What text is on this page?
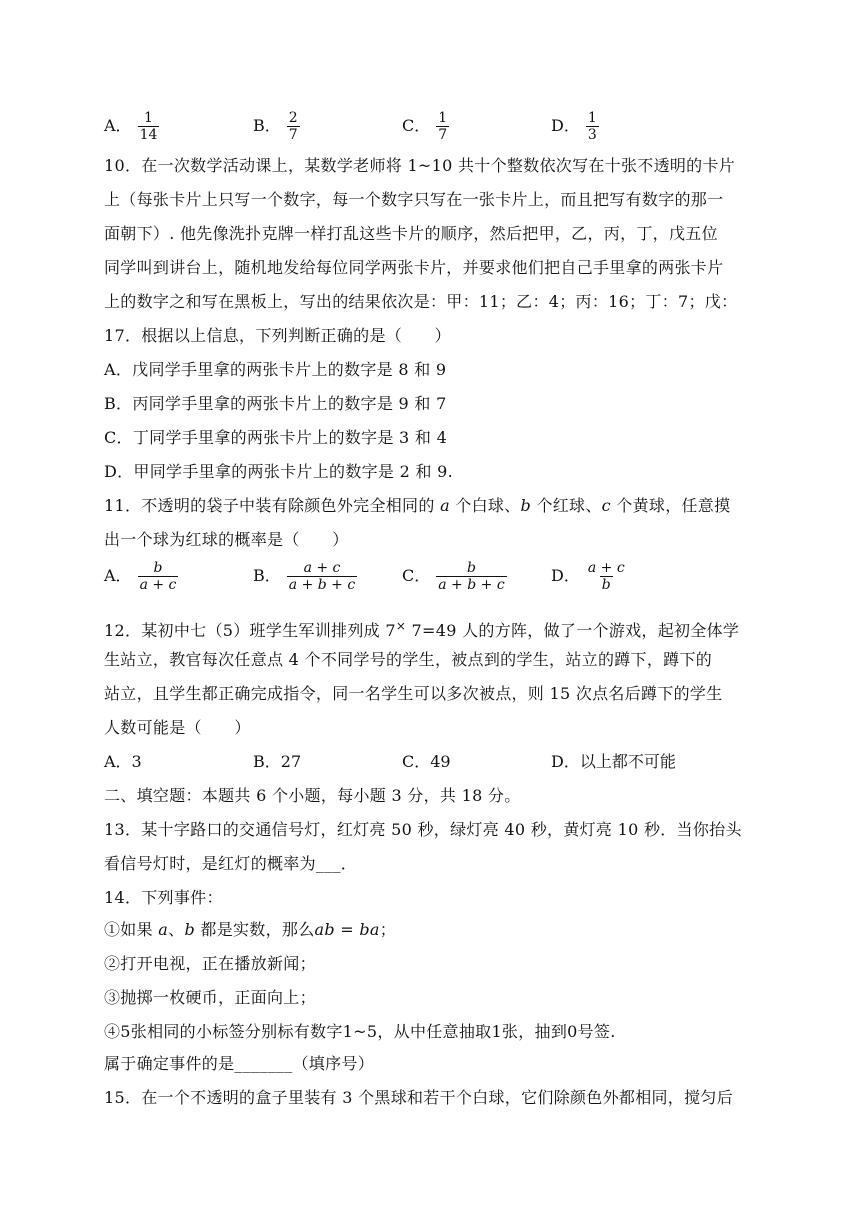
A． $\frac{1}{14}$	B． $\frac{2}{7}$	C． $\frac{1}{7}$	D． $\frac{1}{3}$
10．在一次数学活动课上，某数学老师将 1~10 共十个整数依次写在十张不透明的卡片
上（每张卡片上只写一个数字，每一个数字只写在一张卡片上，而且把写有数字的那一
面朝下）. 他先像洗扑克牌一样打乱这些卡片的顺序，然后把甲，乙，丙，丁，戊五位
同学叫到讲台上，随机地发给每位同学两张卡片，并要求他们把自己手里拿的两张卡片
上的数字之和写在黑板上，写出的结果依次是：甲：11；乙：4；丙：16；丁：7；戊：
17．根据以上信息，下列判断正确的是（　　）
A．戊同学手里拿的两张卡片上的数字是 8 和 9
B．丙同学手里拿的两张卡片上的数字是 9 和 7
C．丁同学手里拿的两张卡片上的数字是 3 和 4
D．甲同学手里拿的两张卡片上的数字是 2 和 9.
11．不透明的袋子中装有除颜色外完全相同的 a 个白球、b 个红球、c 个黄球，任意摸
出一个球为红球的概率是（　　）
A． $\frac{b}{a + c}$	B． $\frac{a + c}{a + b + c}$	C． $\frac{b}{a + b + c}$	D． $\frac{a + c}{b}$
12．某初中七（5）班学生军训排列成 7× 7=49 人的方阵，做了一个游戏，起初全体学
生站立，教官每次任意点 4 个不同学号的学生，被点到的学生，站立的蹲下，蹲下的
站立，且学生都正确完成指令，同一名学生可以多次被点，则 15 次点名后蹲下的学生
人数可能是（　　）
A．3	B．27	C．49	D．以上都不可能
二、填空题：本题共 6 个小题，每小题 3 分，共 18 分。
13．某十字路口的交通信号灯，红灯亮 50 秒，绿灯亮 40 秒，黄灯亮 10 秒．当你抬头
看信号灯时，是红灯的概率为___．
14．下列事件：
①如果 a、b 都是实数，那么ab = ba；
②打开电视，正在播放新闻；
③抛掷一枚硬币，正面向上；
④5张相同的小标签分别标有数字1~5，从中任意抽取1张，抽到0号签.
属于确定事件的是_______（填序号）
15．在一个不透明的盒子里装有 3 个黑球和若干个白球，它们除颜色外都相同，搅匀后
